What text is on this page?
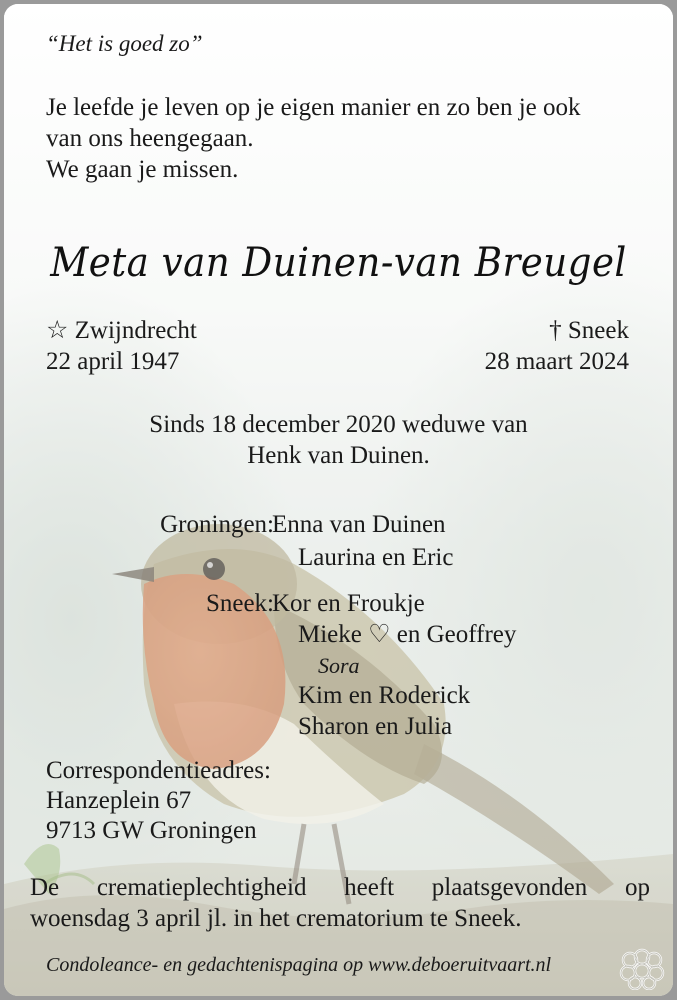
“Het is goed zo”
Je leefde je leven op je eigen manier en zo ben je ook
van ons heengegaan.
We gaan je missen.
Meta van Duinen-van Breugel
☆ Zwijndrecht
22 april 1947
† Sneek
28 maart 2024
Sinds 18 december 2020 weduwe van
Henk van Duinen.
Groningen:
Enna van Duinen
Laurina en Eric
Sneek:
Kor en Froukje
Mieke ♡ en Geoffrey
Sora
Kim en Roderick
Sharon en Julia
Correspondentieadres:
Hanzeplein 67
9713 GW Groningen
De crematieplechtigheid heeft plaatsgevonden op
woensdag 3 april jl. in het crematorium te Sneek.
Condoleance- en gedachtenispagina op www.deboeruitvaart.nl
